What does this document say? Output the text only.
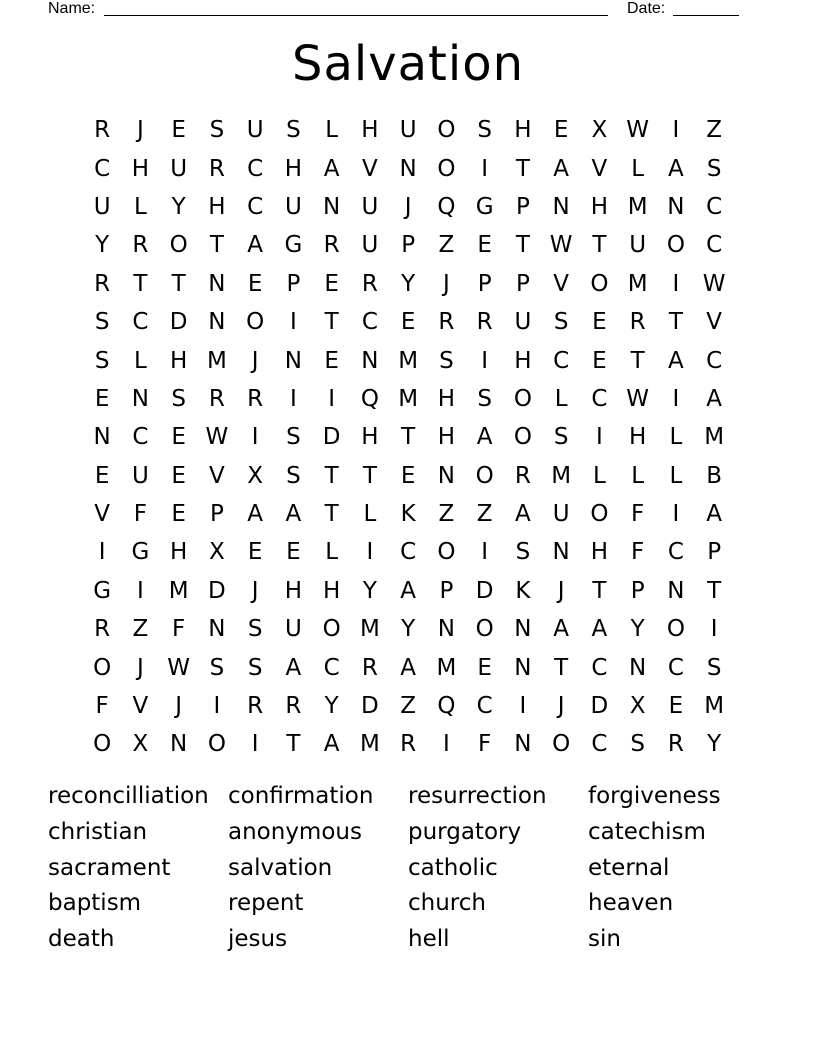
Name:	Date:
Salvation
R	J	E	S U S	L	H U O S H E	X W	I	Z
C H U R C H A V N O	I	T	A V	L	A	S
U	L	Y H C U N U	J	Q G P N H M N C
Y	R O T	A G R U P	Z	E	T W T U O C
R	T	T N E	P	E R	Y	J	P	P	V O M	I	W
S C D N O	I	T	C E R R U S	E R	T	V
S	L	H M	J	N E N M S	I	H C E	T	A C
E N S R R	I	I	Q M H S O L	C W	I	A
N C E W	I	S D H T H A O S	I	H	L M
E U E	V X	S	T	T	E N O R M L	L	L	B
V	F	E	P	A A	T	L	K Z Z A U O F	I	A
I	G H X	E	E	L	I	C O	I	S N H F	C	P
G	I	M D	J	H H Y	A	P D K	J	T	P N T
R Z	F	N S U O M Y N O N A A	Y O	I
O	J	W S	S	A C R A M E N T	C N C S
F	V	J	I	R R	Y D Z Q C	I	J	D X	E M
O X N O	I	T	A M R	I	F	N O C S R	Y
reconcilliation confirmation	resurrection	forgiveness
christian	anonymous	purgatory	catechism
sacrament	salvation	catholic	eternal
baptism	repent	church	heaven
death	jesus	hell	sin
